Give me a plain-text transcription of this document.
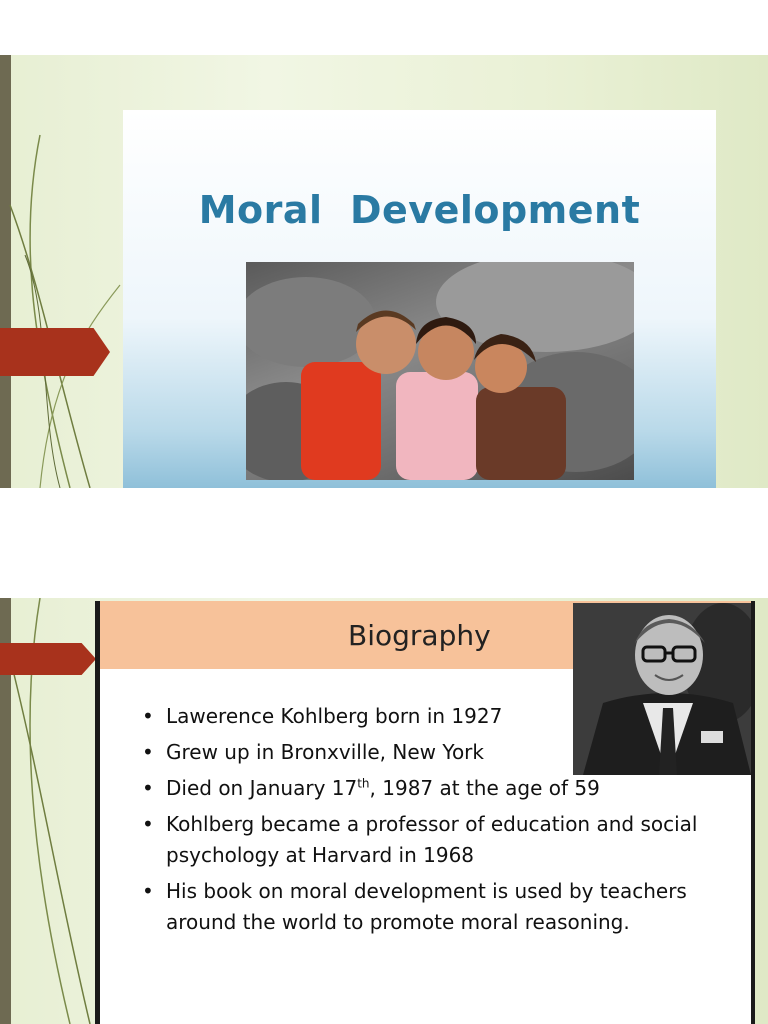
Moral  Development
Biography
• Lawerence Kohlberg born in 1927
• Grew up in Bronxville, New York
• Died on January 17th, 1987 at the age of 59
• Kohlberg became a professor of education and social psychology at Harvard in 1968
• His book on moral development is used by teachers around the world to promote moral reasoning.
